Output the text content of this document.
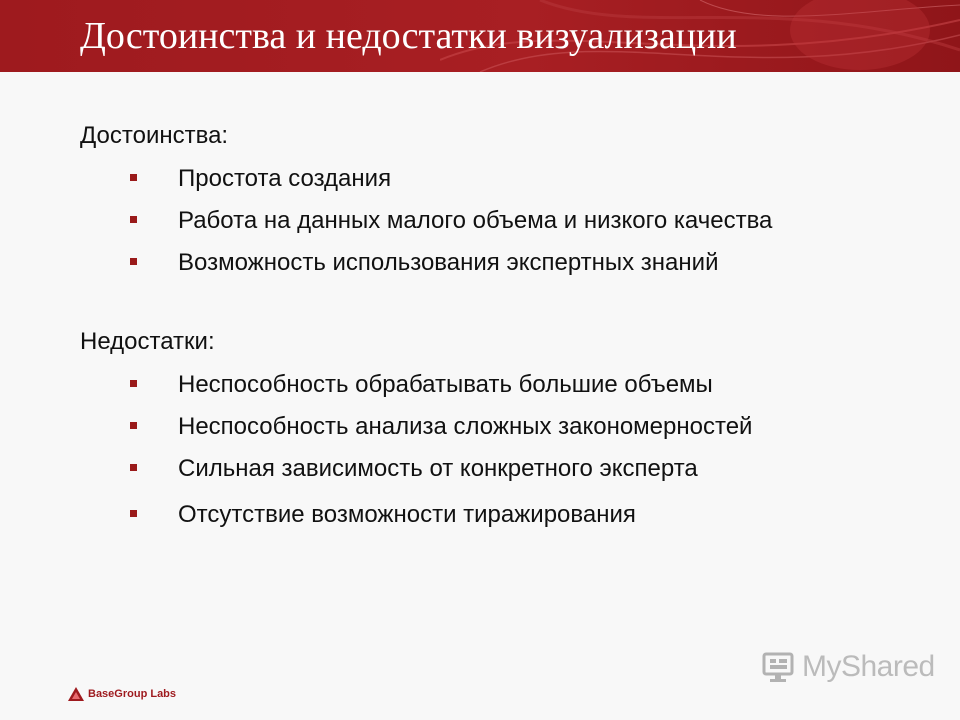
Достоинства и недостатки визуализации

Достоинства:

Простота создания
Работа на данных малого объема и низкого качества
Возможность использования экспертных знаний

Недостатки:

Неспособность обрабатывать большие объемы
Неспособность анализа сложных закономерностей
Сильная зависимость от конкретного эксперта
Отсутствие возможности тиражирования
BaseGroup Labs
MyShared
